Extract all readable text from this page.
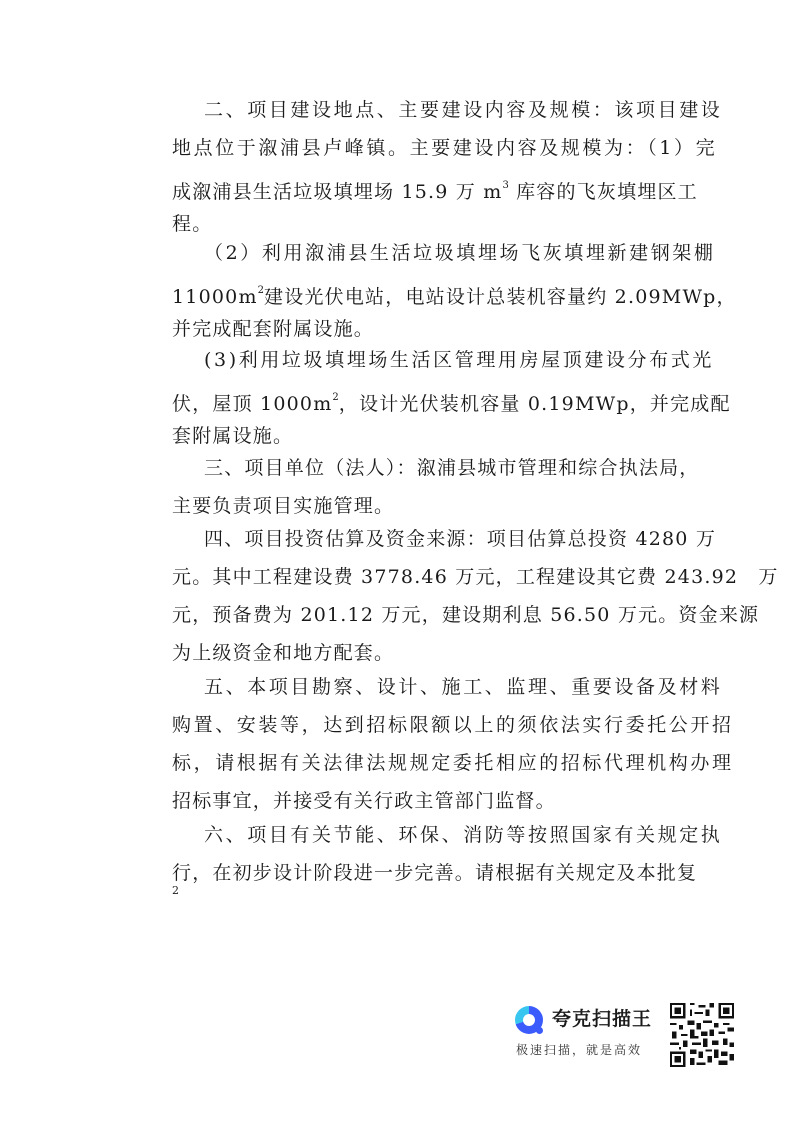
二、项目建设地点、主要建设内容及规模：该项目建设
地点位于溆浦县卢峰镇。主要建设内容及规模为：（1）完
成溆浦县生活垃圾填埋场 15.9 万 $m^3$ 库容的飞灰填埋区工
程。
（2）利用溆浦县生活垃圾填埋场飞灰填埋新建钢架棚
$11000m^2$建设光伏电站，电站设计总装机容量约 2.09MWp，
并完成配套附属设施。
(3)利用垃圾填埋场生活区管理用房屋顶建设分布式光
伏，屋顶 $1000m^2$，设计光伏装机容量 0.19MWp，并完成配
套附属设施。
三、项目单位（法人）：溆浦县城市管理和综合执法局，
主要负责项目实施管理。
四、项目投资估算及资金来源：项目估算总投资 4280 万
元。其中工程建设费 3778.46 万元，工程建设其它费 243.92　万
元，预备费为 201.12 万元，建设期利息 56.50 万元。资金来源
为上级资金和地方配套。
五、本项目勘察、设计、施工、监理、重要设备及材料
购置、安装等，达到招标限额以上的须依法实行委托公开招
标，请根据有关法律法规规定委托相应的招标代理机构办理
招标事宜，并接受有关行政主管部门监督。
六、项目有关节能、环保、消防等按照国家有关规定执
行，在初步设计阶段进一步完善。请根据有关规定及本批复
2
夸克扫描王
极速扫描，就是高效
